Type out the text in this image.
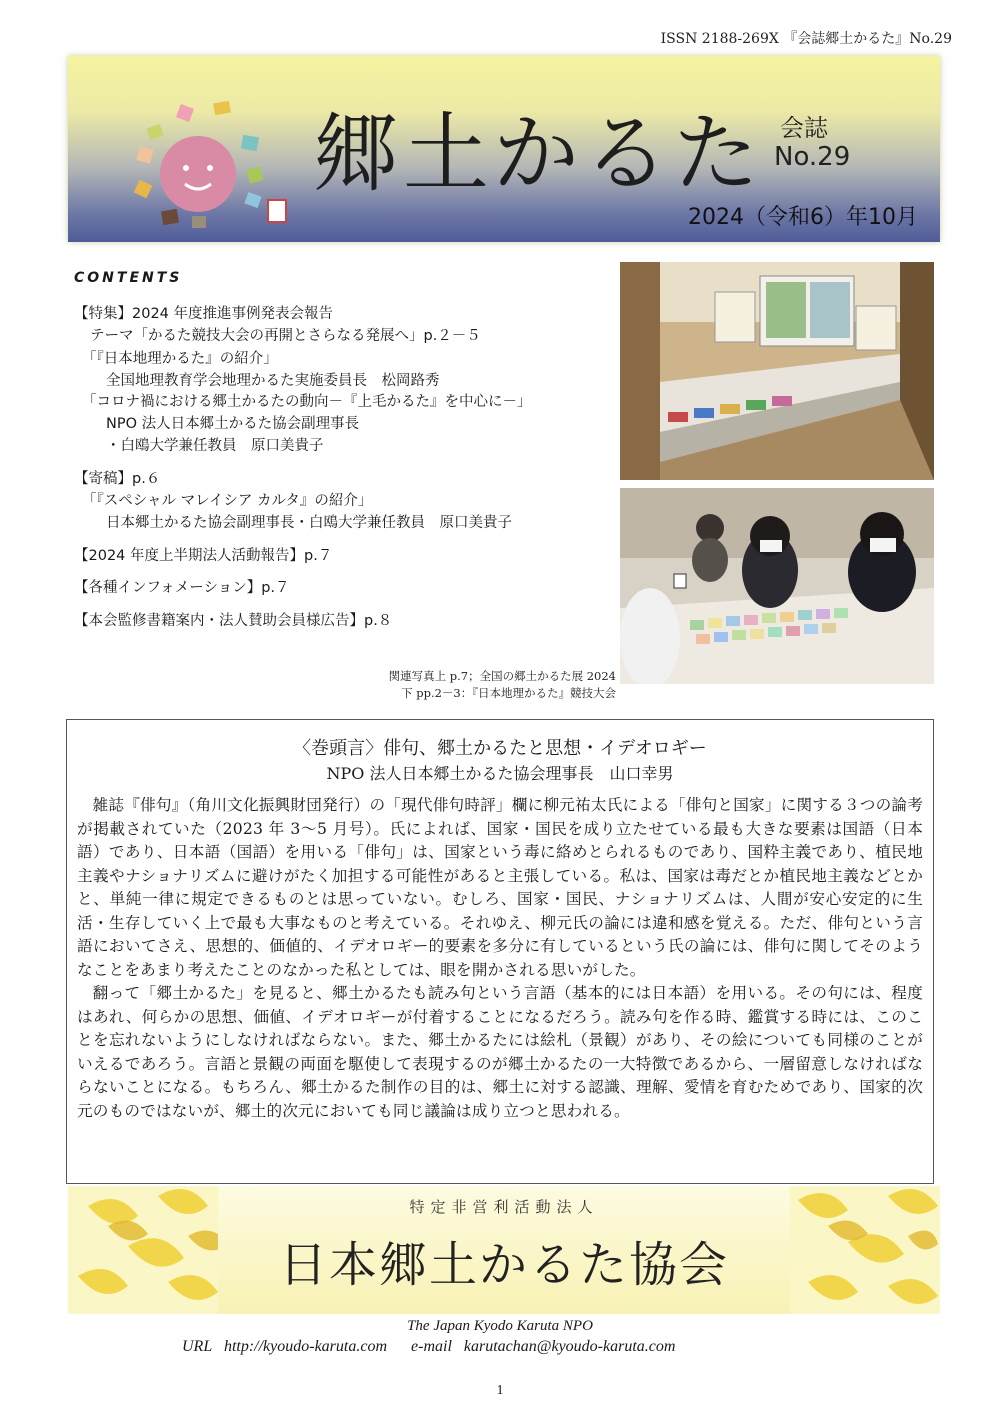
ISSN 2188-269X 『会誌郷土かるた』No.29
郷土かるた 会誌
No.29
2024（令和6）年10月
CONTENTS
【特集】2024 年度推進事例発表会報告
テーマ「かるた競技大会の再開とさらなる発展へ」p.２－５
「『日本地理かるた』の紹介」
全国地理教育学会地理かるた実施委員長　松岡路秀
「コロナ禍における郷土かるたの動向－『上毛かるた』を中心に－」
NPO 法人日本郷土かるた協会副理事長
・白鴎大学兼任教員　原口美貴子
【寄稿】p.６
「『スペシャル マレイシア カルタ』の紹介」
日本郷土かるた協会副理事長・白鴎大学兼任教員　原口美貴子
【2024 年度上半期法人活動報告】p.７
【各種インフォメーション】p.７
【本会監修書籍案内・法人賛助会員様広告】p.８
関連写真上 p.7；全国の郷土かるた展 2024
下 pp.2－3：『日本地理かるた』競技大会
〈巻頭言〉俳句、郷土かるたと思想・イデオロギー
NPO 法人日本郷土かるた協会理事長　山口幸男

雑誌『俳句』（角川文化振興財団発行）の「現代俳句時評」欄に柳元祐太氏による「俳句と国家」に関する３つの論考が掲載されていた（2023 年 3～5 月号）。氏によれば、国家・国民を成り立たせている最も大きな要素は国語（日本語）であり、日本語（国語）を用いる「俳句」は、国家という毒に絡めとられるものであり、国粋主義であり、植民地主義やナショナリズムに避けがたく加担する可能性があると主張している。私は、国家は毒だとか植民地主義などとかと、単純一律に規定できるものとは思っていない。むしろ、国家・国民、ナショナリズムは、人間が安心安定的に生活・生存していく上で最も大事なものと考えている。それゆえ、柳元氏の論には違和感を覚える。ただ、俳句という言語においてさえ、思想的、価値的、イデオロギー的要素を多分に有しているという氏の論には、俳句に関してそのようなことをあまり考えたことのなかった私としては、眼を開かされる思いがした。

翻って「郷土かるた」を見ると、郷土かるたも読み句という言語（基本的には日本語）を用いる。その句には、程度はあれ、何らかの思想、価値、イデオロギーが付着することになるだろう。読み句を作る時、鑑賞する時には、このことを忘れないようにしなければならない。また、郷土かるたには絵札（景観）があり、その絵についても同様のことがいえるであろう。言語と景観の両面を駆使して表現するのが郷土かるたの一大特徴であるから、一層留意しなければならないことになる。もちろん、郷土かるた制作の目的は、郷土に対する認識、理解、愛情を育むためであり、国家的次元のものではないが、郷土的次元においても同じ議論は成り立つと思われる。

特定非営利活動法人
日本郷土かるた協会
The Japan Kyodo Karuta NPO
URL   http://kyoudo-karuta.com      e-mail   karutachan@kyoudo-karuta.com
1
